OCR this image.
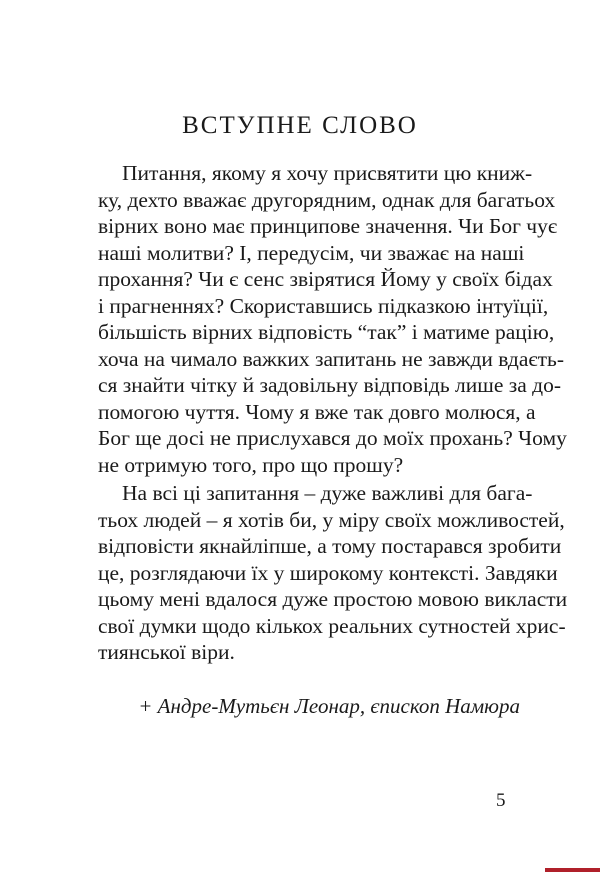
ВСТУПНЕ СЛОВО
Питання, якому я хочу присвятити цю книж-
ку, дехто вважає другорядним, однак для багатьох
вірних воно має принципове значення. Чи Бог чує
наші молитви? І, передусім, чи зважає на наші
прохання? Чи є сенс звірятися Йому у своїх бідах
і прагненнях? Скориставшись підказкою інтуїції,
більшість вірних відповість “так” і матиме рацію,
хоча на чимало важких запитань не завжди вдаєть-
ся знайти чітку й задовільну відповідь лише за до-
помогою чуття. Чому я вже так довго молюся, а
Бог ще досі не прислухався до моїх прохань? Чому
не отримую того, про що прошу?
На всі ці запитання – дуже важливі для бага-
тьох людей – я хотів би, у міру своїх можливостей,
відповісти якнайліпше, а тому постарався зробити
це, розглядаючи їх у широкому контексті. Завдяки
цьому мені вдалося дуже простою мовою викласти
свої думки щодо кількох реальних сутностей хрис-
тиянської віри.
+ Андре-Мутьєн Леонар, єпископ Намюра
5
